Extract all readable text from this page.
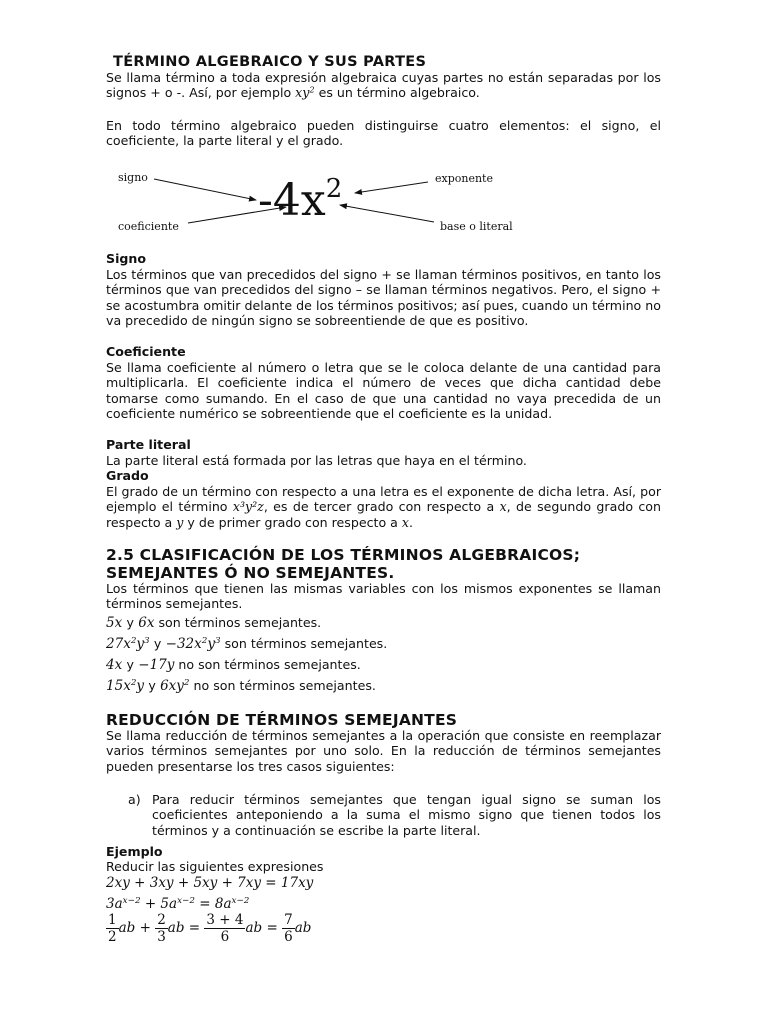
TÉRMINO ALGEBRAICO Y SUS PARTES
Se llama término a toda expresión algebraica cuyas partes no están separadas por los signos + o -. Así, por ejemplo $xy^2$ es un término algebraico.
En todo término algebraico pueden distinguirse cuatro elementos: el signo, el coeficiente, la parte literal y el grado.
signo
coeficiente
exponente
base o literal
$-4x^2$
Signo
Los términos que van precedidos del signo + se llaman términos positivos, en tanto los términos que van precedidos del signo – se llaman términos negativos. Pero, el signo + se acostumbra omitir delante de los términos positivos; así pues, cuando un término no va precedido de ningún signo se sobreentiende de que es positivo.
Coeficiente
Se llama coeficiente al número o letra que se le coloca delante de una cantidad para multiplicarla. El coeficiente indica el número de veces que dicha cantidad debe tomarse como sumando. En el caso de que una cantidad no vaya precedida de un coeficiente numérico se sobreentiende que el coeficiente es la unidad.
Parte literal
La parte literal está formada por las letras que haya en el término.
Grado
El grado de un término con respecto a una letra es el exponente de dicha letra. Así, por ejemplo el término x³y²z, es de tercer grado con respecto a x, de segundo grado con respecto a y y de primer grado con respecto a x.
2.5 CLASIFICACIÓN DE LOS TÉRMINOS ALGEBRAICOS;
SEMEJANTES Ó NO SEMEJANTES.
Los términos que tienen las mismas variables con los mismos exponentes se llaman términos semejantes.
5x y 6x son términos semejantes.
$27x^2y^3$ $y -32x^2y^3$ son términos semejantes.
4x y −17y no son términos semejantes.
$15x^2y$ y $6xy^2$ no son términos semejantes.
REDUCCIÓN DE TÉRMINOS SEMEJANTES
Se llama reducción de términos semejantes a la operación que consiste en reemplazar varios términos semejantes por uno solo. En la reducción de términos semejantes pueden presentarse los tres casos siguientes:
a) Para reducir términos semejantes que tengan igual signo se suman los coeficientes anteponiendo a la suma el mismo signo que tienen todos los términos y a continuación se escribe la parte literal.
Ejemplo
Reducir las siguientes expresiones
2xy + 3xy + 5xy + 7xy = 17xy
$3a^{x-2} + 5a^{x-2} = 8a^{x-2}$
$\frac{1}{2}$ ab + $\frac{2}{3}$ ab = $\frac{3 + 4}{6}$ ab = $\frac{7}{6}$ ab
